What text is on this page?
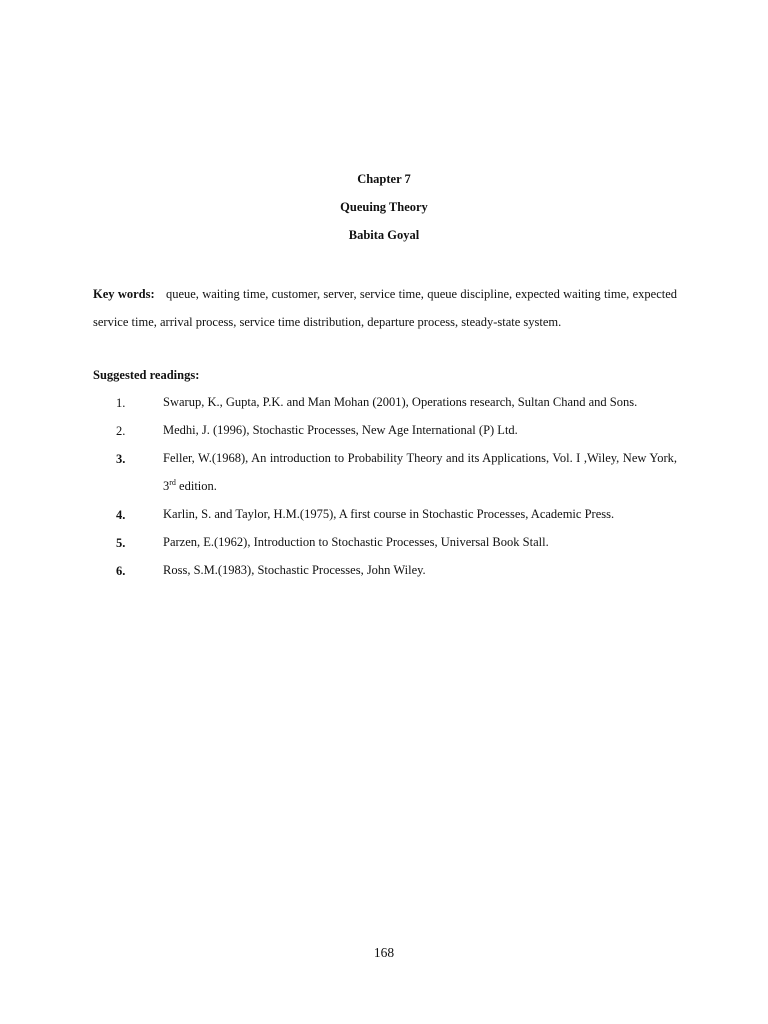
Chapter 7
Queuing Theory
Babita Goyal
Key words: queue, waiting time, customer, server, service time, queue discipline, expected waiting time, expected service time, arrival process, service time distribution, departure process, steady-state system.
Suggested readings:
1.	Swarup, K., Gupta, P.K. and Man Mohan (2001), Operations research, Sultan Chand and Sons.
2.	Medhi, J. (1996), Stochastic Processes, New Age International (P) Ltd.
3.	Feller, W.(1968), An introduction to Probability Theory and its Applications, Vol. I ,Wiley, New York, 3rd edition.
4.	Karlin, S. and Taylor, H.M.(1975), A first course in Stochastic Processes, Academic Press.
5.	Parzen, E.(1962), Introduction to Stochastic Processes, Universal Book Stall.
6.	Ross, S.M.(1983), Stochastic Processes, John Wiley.
168
